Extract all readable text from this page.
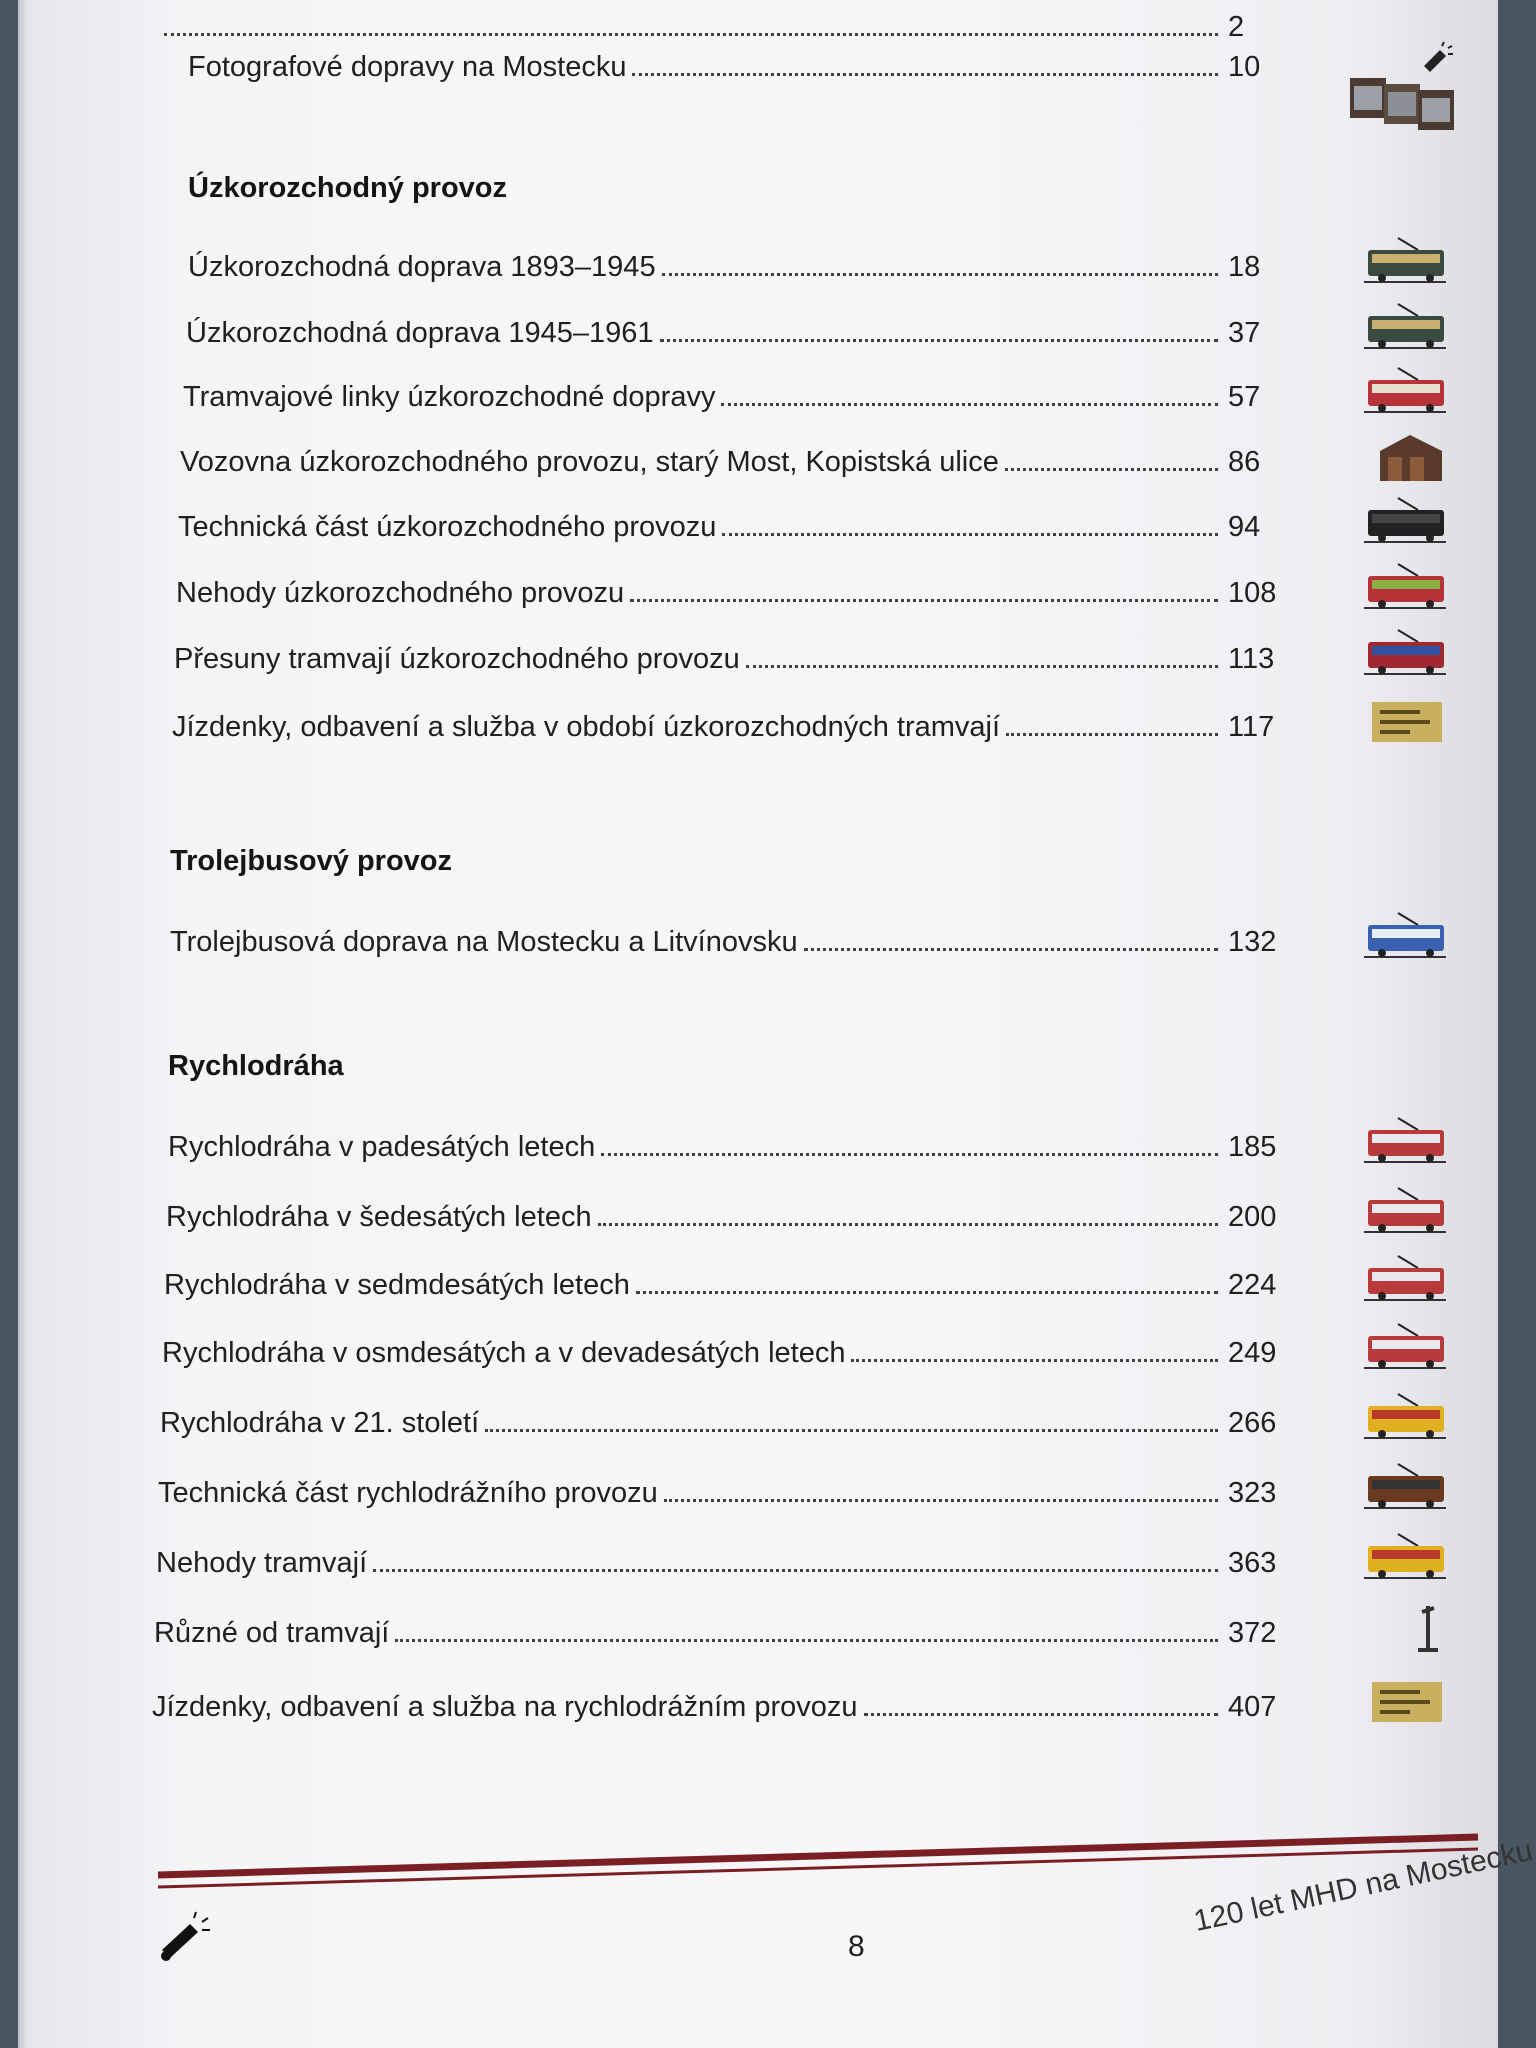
2
Fotografové dopravy na Mostecku	10
Úzkorozchodný provoz
Úzkorozchodná doprava 1893–1945	18
Úzkorozchodná doprava 1945–1961	37
Tramvajové linky úzkorozchodné dopravy	57
Vozovna úzkorozchodného provozu, starý Most, Kopistská ulice	86
Technická část úzkorozchodného provozu	94
Nehody úzkorozchodného provozu	108
Přesuny tramvají úzkorozchodného provozu	113
Jízdenky, odbavení a služba v období úzkorozchodných tramvají	117
Trolejbusový provoz
Trolejbusová doprava na Mostecku a Litvínovsku	132
Rychlodráha
Rychlodráha v padesátých letech	185
Rychlodráha v šedesátých letech	200
Rychlodráha v sedmdesátých letech	224
Rychlodráha v osmdesátých a v devadesátých letech	249
Rychlodráha v 21. století	266
Technická část rychlodrážního provozu	323
Nehody tramvají	363
Různé od tramvají	372
Jízdenky, odbavení a služba na rychlodrážním provozu	407
8
120 let MHD na Mostecku
